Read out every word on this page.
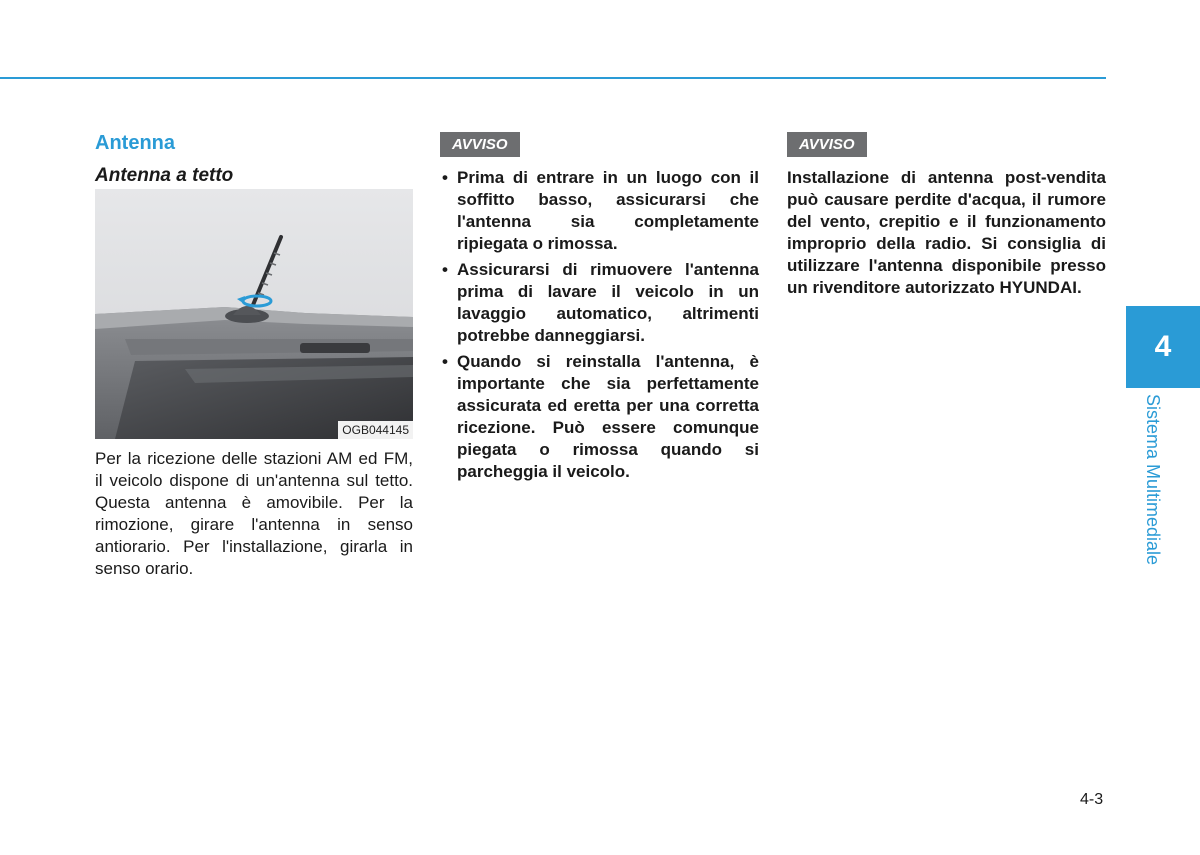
Antenna
Antenna a tetto
OGB044145

Per la ricezione delle stazioni AM ed FM, il veicolo dispone di un'antenna sul tetto. Questa antenna è amovibile. Per la rimozione, girare l'antenna in senso antiorario. Per l'installazione, girarla in senso orario.

AVVISO
• Prima di entrare in un luogo con il soffitto basso, assicurarsi che l'antenna sia completamente ripiegata o rimossa.
• Assicurarsi di rimuovere l'antenna prima di lavare il veicolo in un lavaggio automatico, altrimenti potrebbe danneggiarsi.
• Quando si reinstalla l'antenna, è importante che sia perfettamente assicurata ed eretta per una corretta ricezione. Può essere comunque piegata o rimossa quando si parcheggia il veicolo.
AVVISO

Installazione di antenna post-vendita può causare perdite d'acqua, il rumore del vento, crepitio e il funzionamento improprio della radio. Si consiglia di utilizzare l'antenna disponibile presso un rivenditore autorizzato HYUNDAI.

4
Sistema Multimediale
4-3
